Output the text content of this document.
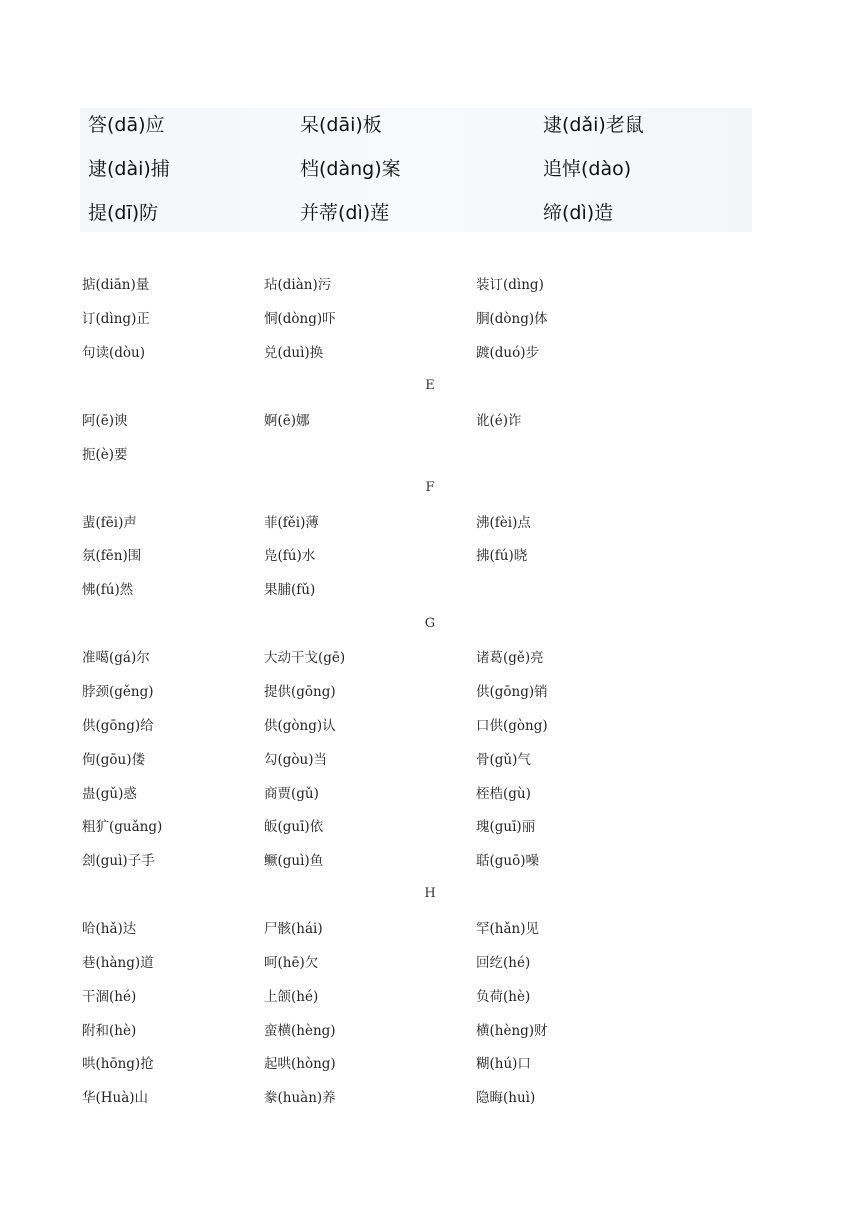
答(dā)应	呆(dāi)板	逮(dǎi)老鼠
逮(dài)捕	档(dàng)案	追悼(dào)
提(dī)防	并蒂(dì)莲	缔(dì)造
掂(diān)量	玷(diàn)污	装订(dìng)
订(dìng)正	恫(dòng)吓	胴(dòng)体
句读(dòu)	兑(duì)换	踱(duó)步
E
阿(ē)谀	婀(ē)娜	讹(é)诈
扼(è)要
F
蜚(fēi)声	菲(fěi)薄	沸(fèi)点
氛(fēn)围	凫(fú)水	拂(fú)晓
怫(fú)然	果脯(fǔ)
G
准噶(gá)尔	大动干戈(gē)	诸葛(gě)亮
脖颈(gěng)	提供(gōng)	供(gōng)销
供(gōng)给	供(gòng)认	口供(gòng)
佝(gōu)偻	勾(gòu)当	骨(gǔ)气
蛊(gǔ)惑	商贾(gǔ)	桎梏(gù)
粗犷(guǎng)	皈(guī)依	瑰(guī)丽
刽(guì)子手	鳜(guì)鱼	聒(guō)噪
H
哈(hǎ)达	尸骸(hái)	罕(hǎn)见
巷(hàng)道	呵(hē)欠	回纥(hé)
干涸(hé)	上颌(hé)	负荷(hè)
附和(hè)	蛮横(hèng)	横(hèng)财
哄(hōng)抢	起哄(hòng)	糊(hú)口
华(Huà)山	豢(huàn)养	隐晦(huì)
